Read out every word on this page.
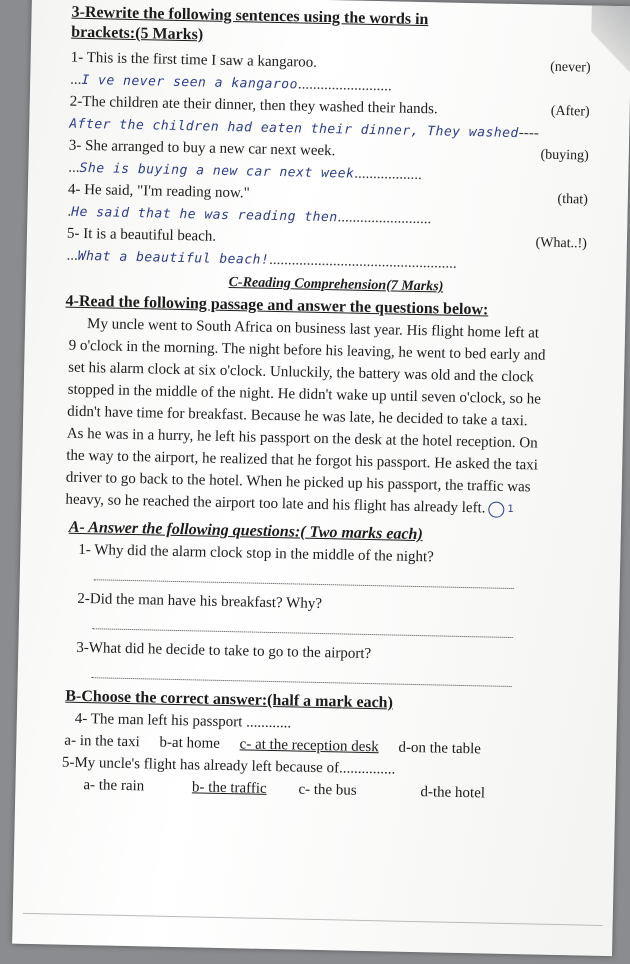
3-Rewrite the following sentences using the words in brackets:(5 Marks)
1- This is the first time I saw a kangaroo.	(never)
...I ve never seen a kangaroo.........................
2-The children ate their dinner, then they washed their hands.	(After)
After the children had eaten their dinner, They washed----
3- She arranged to buy a new car next week.	(buying)
...She is buying a new car next week..................
4- He said, "I'm reading now."	(that)
.He said that he was reading then.........................
5- It is a beautiful beach.	(What..!)
...What a beautiful beach!..................................................
C-Reading Comprehension(7 Marks)
4-Read the following passage and answer the questions below:
My uncle went to South Africa on business last year. His flight home left at 9 o'clock in the morning. The night before his leaving, he went to bed early and set his alarm clock at six o'clock. Unluckily, the battery was old and the clock stopped in the middle of the night. He didn't wake up until seven o'clock, so he didn't have time for breakfast. Because he was late, he decided to take a taxi. As he was in a hurry, he left his passport on the desk at the hotel reception. On the way to the airport, he realized that he forgot his passport. He asked the taxi driver to go back to the hotel. When he picked up his passport, the traffic was heavy, so he reached the airport too late and his flight has already left. 1
A- Answer the following questions:( Two marks each)
1- Why did the alarm clock stop in the middle of the night?
2-Did the man have his breakfast? Why?
3-What did he decide to take to go to the airport?
B-Choose the correct answer:(half a mark each)
4- The man left his passport ............
a- in the taxi b-at home c- at the reception desk d-on the table
5-My uncle's flight has already left because of...............
a- the rain	b- the traffic c- the bus	d-the hotel
